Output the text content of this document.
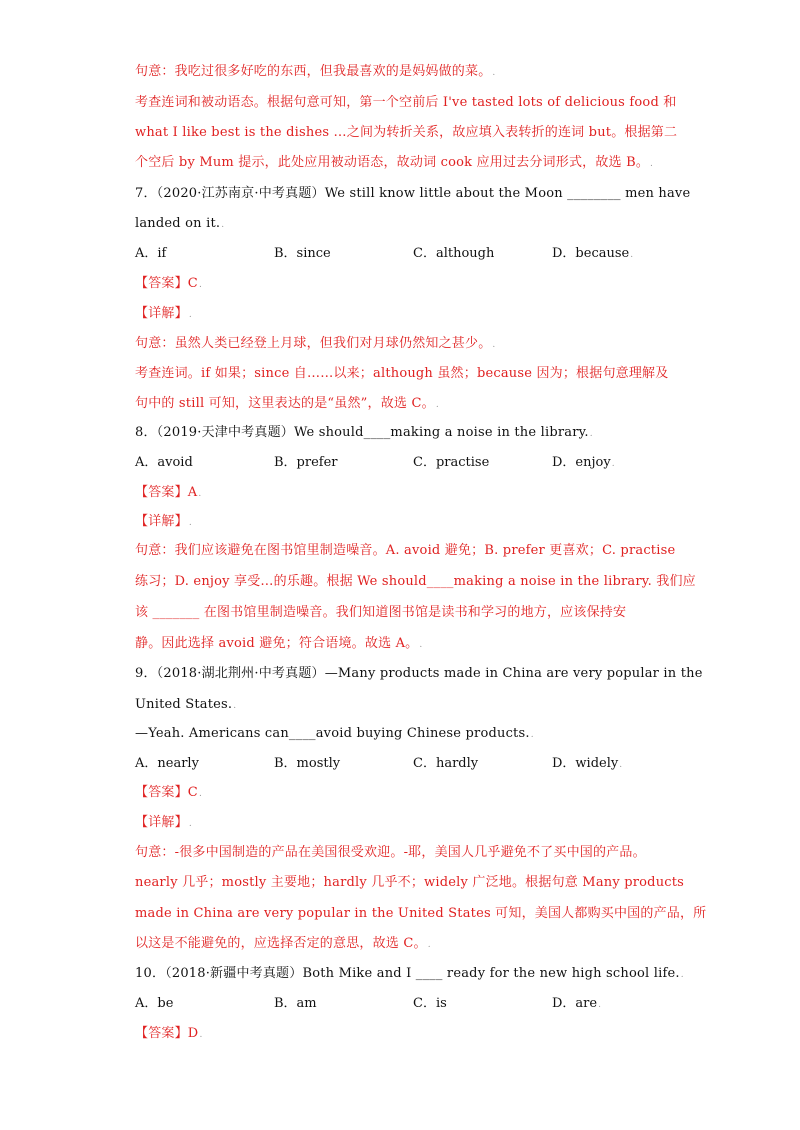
句意：我吃过很多好吃的东西，但我最喜欢的是妈妈做的菜。.
考查连词和被动语态。根据句意可知，第一个空前后 I've tasted lots of delicious food 和
what I like best is the dishes …之间为转折关系，故应填入表转折的连词 but。根据第二
个空后 by Mum 提示，此处应用被动语态，故动词 cook 应用过去分词形式，故选 B。.
7．（2020·江苏南京·中考真题）We still know little about the Moon ________ men have
landed on it..
A．if	B．since	C．although	D．because.
【答案】C.
【详解】.
句意：虽然人类已经登上月球，但我们对月球仍然知之甚少。.
考查连词。if 如果；since 自……以来；although 虽然；because 因为；根据句意理解及
句中的 still 可知，这里表达的是“虽然”，故选 C。.
8．（2019·天津中考真题）We should____making a noise in the library..
A．avoid	B．prefer	C．practise	D．enjoy.
【答案】A.
【详解】.
句意：我们应该避免在图书馆里制造噪音。A. avoid 避免；B. prefer 更喜欢；C. practise
练习；D. enjoy 享受…的乐趣。根据 We should____making a noise in the library. 我们应
该 _______ 在图书馆里制造噪音。我们知道图书馆是读书和学习的地方，应该保持安
静。因此选择 avoid 避免；符合语境。故选 A。.
9．（2018·湖北荆州·中考真题）—Many products made in China are very popular in the
United States..
—Yeah. Americans can____avoid buying Chinese products..
A．nearly	B．mostly	C．hardly	D．widely.
【答案】C.
【详解】.
句意：-很多中国制造的产品在美国很受欢迎。-耶，美国人几乎避免不了买中国的产品。
nearly 几乎；mostly 主要地；hardly 几乎不；widely 广泛地。根据句意 Many products
made in China are very popular in the United States 可知，美国人都购买中国的产品，所
以这是不能避免的，应选择否定的意思，故选 C。.
10．（2018·新疆中考真题）Both Mike and I ____ ready for the new high school life..
A．be	B．am	C．is	D．are.
【答案】D.
